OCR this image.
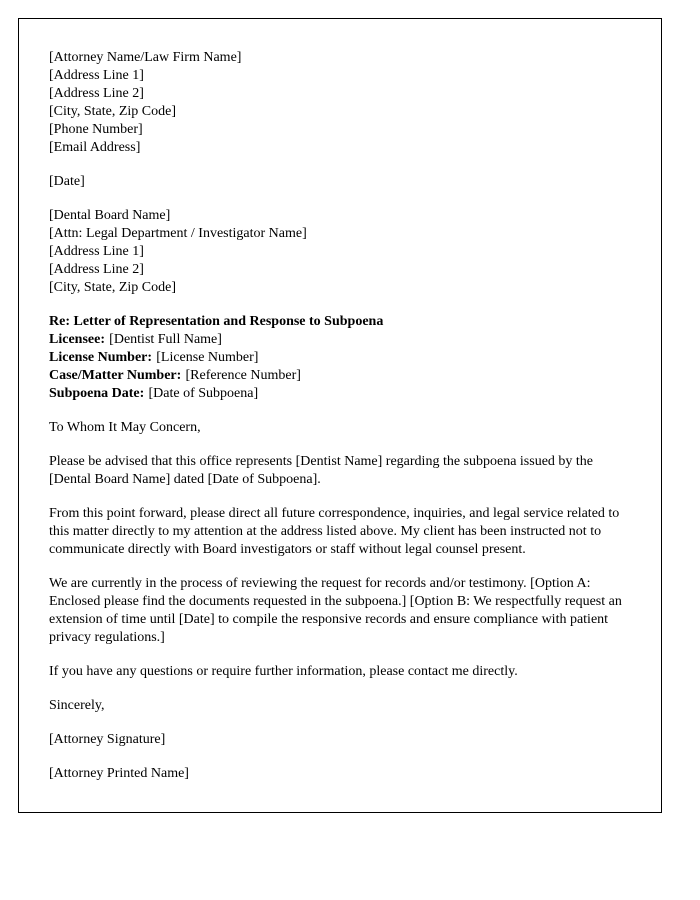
[Attorney Name/Law Firm Name]
[Address Line 1]
[Address Line 2]
[City, State, Zip Code]
[Phone Number]
[Email Address]
[Date]
[Dental Board Name]
[Attn: Legal Department / Investigator Name]
[Address Line 1]
[Address Line 2]
[City, State, Zip Code]
Re: Letter of Representation and Response to Subpoena
Licensee: [Dentist Full Name]
License Number: [License Number]
Case/Matter Number: [Reference Number]
Subpoena Date: [Date of Subpoena]
To Whom It May Concern,

Please be advised that this office represents [Dentist Name] regarding the subpoena issued by the [Dental Board Name] dated [Date of Subpoena].

From this point forward, please direct all future correspondence, inquiries, and legal service related to this matter directly to my attention at the address listed above. My client has been instructed not to communicate directly with Board investigators or staff without legal counsel present.

We are currently in the process of reviewing the request for records and/or testimony. [Option A: Enclosed please find the documents requested in the subpoena.] [Option B: We respectfully request an extension of time until [Date] to compile the responsive records and ensure compliance with patient privacy regulations.]

If you have any questions or require further information, please contact me directly.

Sincerely,
[Attorney Signature]
[Attorney Printed Name]
